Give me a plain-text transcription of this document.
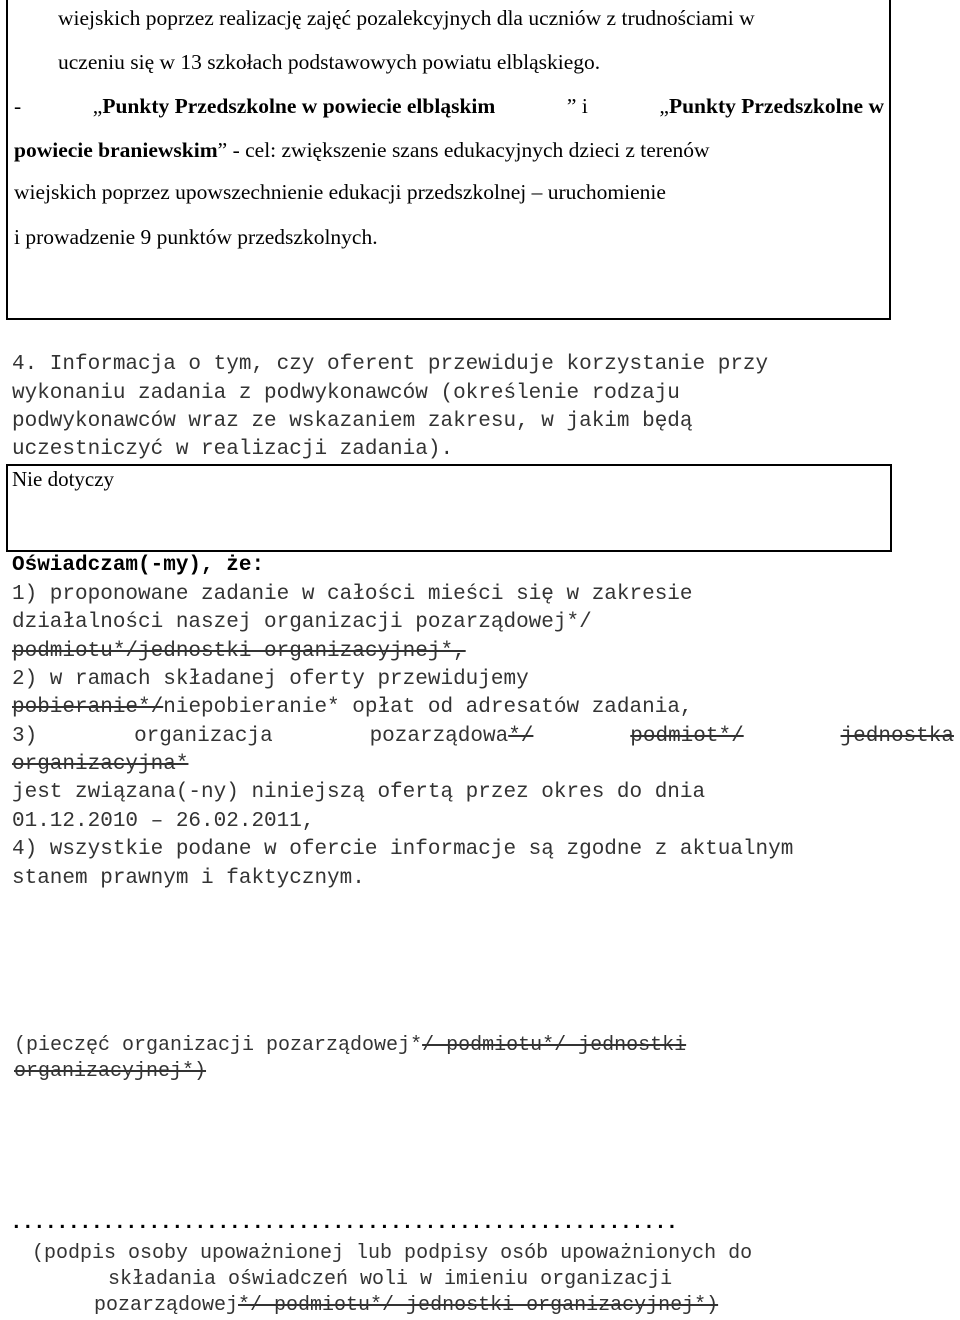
wiejskich poprzez realizację zajęć pozalekcyjnych dla uczniów z trudnościami w
uczeniu się w 13 szkołach podstawowych powiatu elbląskiego.
-	„Punkty Przedszkolne w powiecie elbląskim	” i	„Punkty Przedszkolne w
powiecie braniewskim” - cel: zwiększenie szans edukacyjnych dzieci z terenów
wiejskich poprzez upowszechnienie edukacji przedszkolnej – uruchomienie
i prowadzenie 9 punktów przedszkolnych.
4. Informacja o tym, czy oferent przewiduje korzystanie przy
wykonaniu zadania z podwykonawców (określenie rodzaju
podwykonawców wraz ze wskazaniem zakresu, w jakim będą
uczestniczyć w realizacji zadania).
Nie dotyczy
Oświadczam(-my), że:
1) proponowane zadanie w całości mieści się w zakresie
działalności naszej organizacji pozarządowej*/
podmiotu*/jednostki organizacyjnej*,
2) w ramach składanej oferty przewidujemy
pobieranie*/niepobieranie* opłat od adresatów zadania,
3)	organizacja	pozarządowa*/	podmiot*/	jednostka
organizacyjna*
jest związana(-ny) niniejszą ofertą przez okres do dnia
01.12.2010 – 26.02.2011,
4) wszystkie podane w ofercie informacje są zgodne z aktualnym
stanem prawnym i faktycznym.
(pieczęć organizacji pozarządowej*/ podmiotu*/ jednostki
organizacyjnej*)
..........................................................
(podpis osoby upoważnionej lub podpisy osób upoważnionych do
składania oświadczeń woli w imieniu organizacji
pozarządowej*/ podmiotu*/ jednostki organizacyjnej*)
